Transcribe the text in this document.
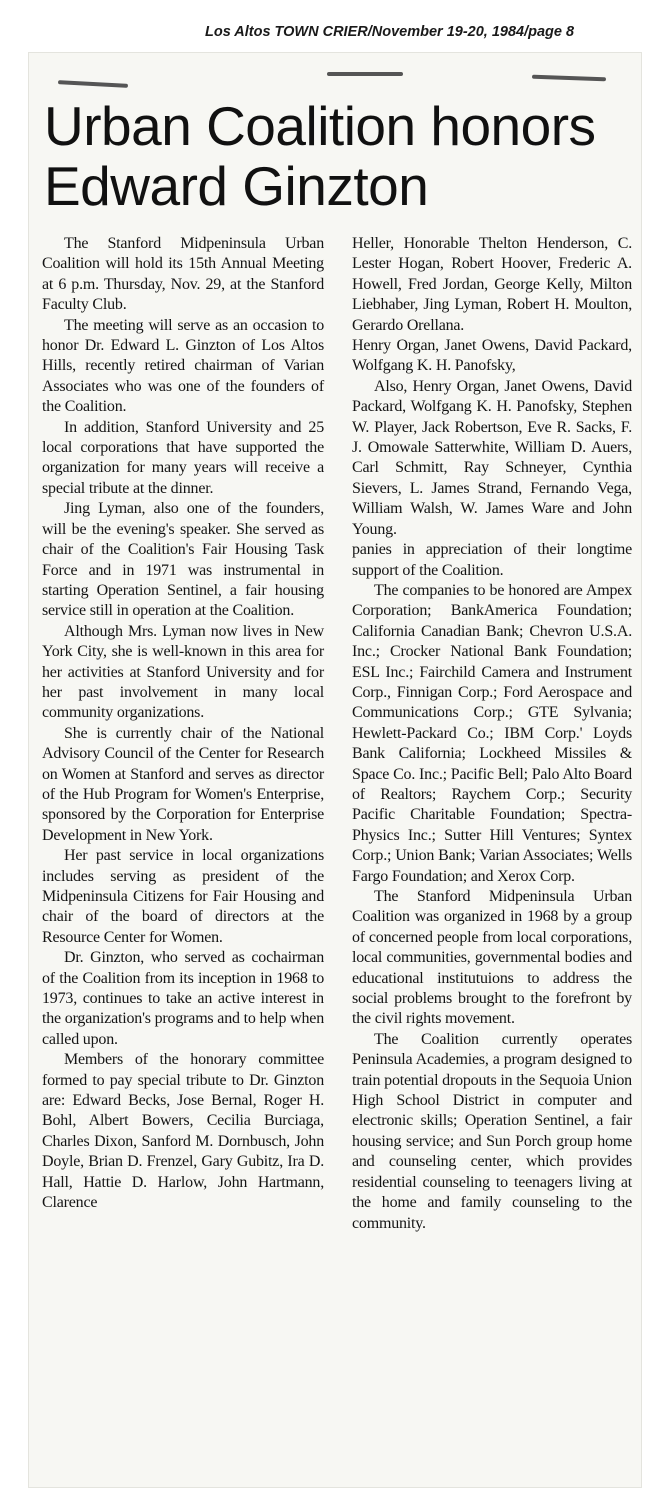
Los Altos TOWN CRIER/November 19-20, 1984/page 8
Urban Coalition honors
Edward Ginzton

The Stanford Midpeninsula Urban Coalition will hold its 15th Annual Meeting at 6 p.m. Thursday, Nov. 29, at the Stanford Faculty Club.

The meeting will serve as an occasion to honor Dr. Edward L. Ginzton of Los Altos Hills, recently retired chairman of Varian Associates who was one of the founders of the Coalition.

In addition, Stanford University and 25 local corporations that have supported the organization for many years will receive a special tribute at the dinner.

Jing Lyman, also one of the founders, will be the evening's speaker. She served as chair of the Coalition's Fair Housing Task Force and in 1971 was instrumental in starting Operation Sentinel, a fair housing service still in operation at the Coalition.

Although Mrs. Lyman now lives in New York City, she is well-known in this area for her activities at Stanford University and for her past involvement in many local community organizations.

She is currently chair of the National Advisory Council of the Center for Research on Women at Stanford and serves as director of the Hub Program for Women's Enterprise, sponsored by the Corporation for Enterprise Development in New York.

Her past service in local organizations includes serving as president of the Midpeninsula Citizens for Fair Housing and chair of the board of directors at the Resource Center for Women.

Dr. Ginzton, who served as cochairman of the Coalition from its inception in 1968 to 1973, continues to take an active interest in the organization's programs and to help when called upon.

Members of the honorary committee formed to pay special tribute to Dr. Ginzton are: Edward Becks, Jose Bernal, Roger H. Bohl, Albert Bowers, Cecilia Burciaga, Charles Dixon, Sanford M. Dornbusch, John Doyle, Brian D. Frenzel, Gary Gubitz, Ira D. Hall, Hattie D. Harlow, John Hartmann, Clarence

Heller, Honorable Thelton Henderson, C. Lester Hogan, Robert Hoover, Frederic A. Howell, Fred Jordan, George Kelly, Milton Liebhaber, Jing Lyman, Robert H. Moulton, Gerardo Orellana.

Henry Organ, Janet Owens, David Packard, Wolfgang K. H. Panofsky,

Also, Henry Organ, Janet Owens, David Packard, Wolfgang K. H. Panofsky, Stephen W. Player, Jack Robertson, Eve R. Sacks, F. J. Omowale Satterwhite, William D. Auers, Carl Schmitt, Ray Schneyer, Cynthia Sievers, L. James Strand, Fernando Vega, William Walsh, W. James Ware and John Young.

panies in appreciation of their longtime support of the Coalition.

The companies to be honored are Ampex Corporation; BankAmerica Foundation; California Canadian Bank; Chevron U.S.A. Inc.; Crocker National Bank Foundation; ESL Inc.; Fairchild Camera and Instrument Corp., Finnigan Corp.; Ford Aerospace and Communications Corp.; GTE Sylvania; Hewlett-Packard Co.; IBM Corp.' Loyds Bank California; Lockheed Missiles & Space Co. Inc.; Pacific Bell; Palo Alto Board of Realtors; Raychem Corp.; Security Pacific Charitable Foundation; Spectra-Physics Inc.; Sutter Hill Ventures; Syntex Corp.; Union Bank; Varian Associates; Wells Fargo Foundation; and Xerox Corp.

The Stanford Midpeninsula Urban Coalition was organized in 1968 by a group of concerned people from local corporations, local communities, governmental bodies and educational institutuions to address the social problems brought to the forefront by the civil rights movement.

The Coalition currently operates Peninsula Academies, a program designed to train potential dropouts in the Sequoia Union High School District in computer and electronic skills; Operation Sentinel, a fair housing service; and Sun Porch group home and counseling center, which provides residential counseling to teenagers living at the home and family counseling to the community.
